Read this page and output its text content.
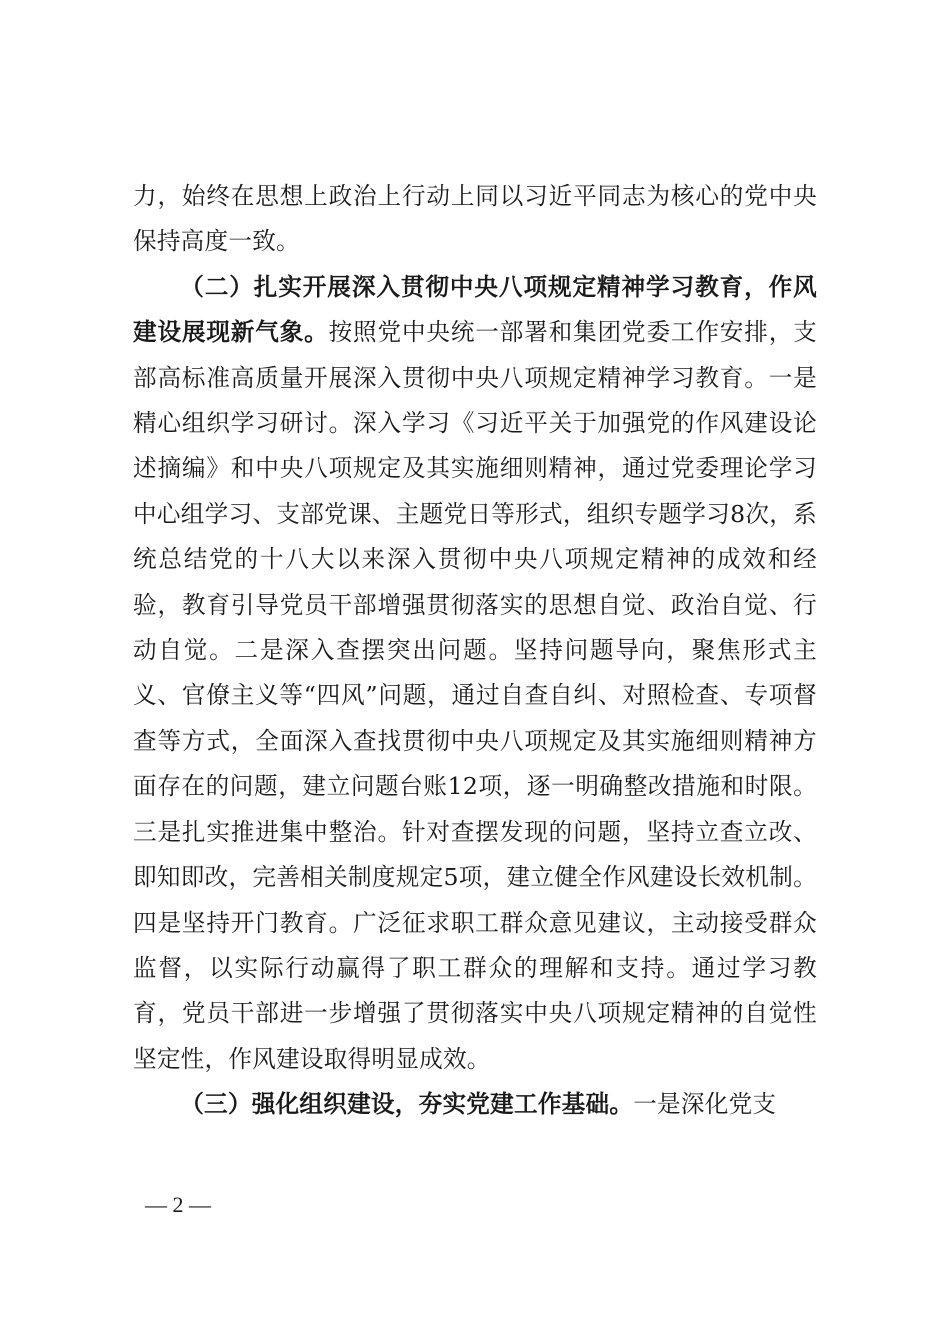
力，始终在思想上政治上行动上同以习近平同志为核心的党中央保持高度一致。

（二）扎实开展深入贯彻中央八项规定精神学习教育，作风建设展现新气象。按照党中央统一部署和集团党委工作安排，支部高标准高质量开展深入贯彻中央八项规定精神学习教育。一是精心组织学习研讨。深入学习《习近平关于加强党的作风建设论述摘编》和中央八项规定及其实施细则精神，通过党委理论学习中心组学习、支部党课、主题党日等形式，组织专题学习8次，系统总结党的十八大以来深入贯彻中央八项规定精神的成效和经验，教育引导党员干部增强贯彻落实的思想自觉、政治自觉、行动自觉。二是深入查摆突出问题。坚持问题导向，聚焦形式主义、官僚主义等“四风”问题，通过自查自纠、对照检查、专项督查等方式，全面深入查找贯彻中央八项规定及其实施细则精神方面存在的问题，建立问题台账12项，逐一明确整改措施和时限。三是扎实推进集中整治。针对查摆发现的问题，坚持立查立改、即知即改，完善相关制度规定5项，建立健全作风建设长效机制。四是坚持开门教育。广泛征求职工群众意见建议，主动接受群众监督，以实际行动赢得了职工群众的理解和支持。通过学习教育，党员干部进一步增强了贯彻落实中央八项规定精神的自觉性坚定性，作风建设取得明显成效。

（三）强化组织建设，夯实党建工作基础。一是深化党支

— 2 —
